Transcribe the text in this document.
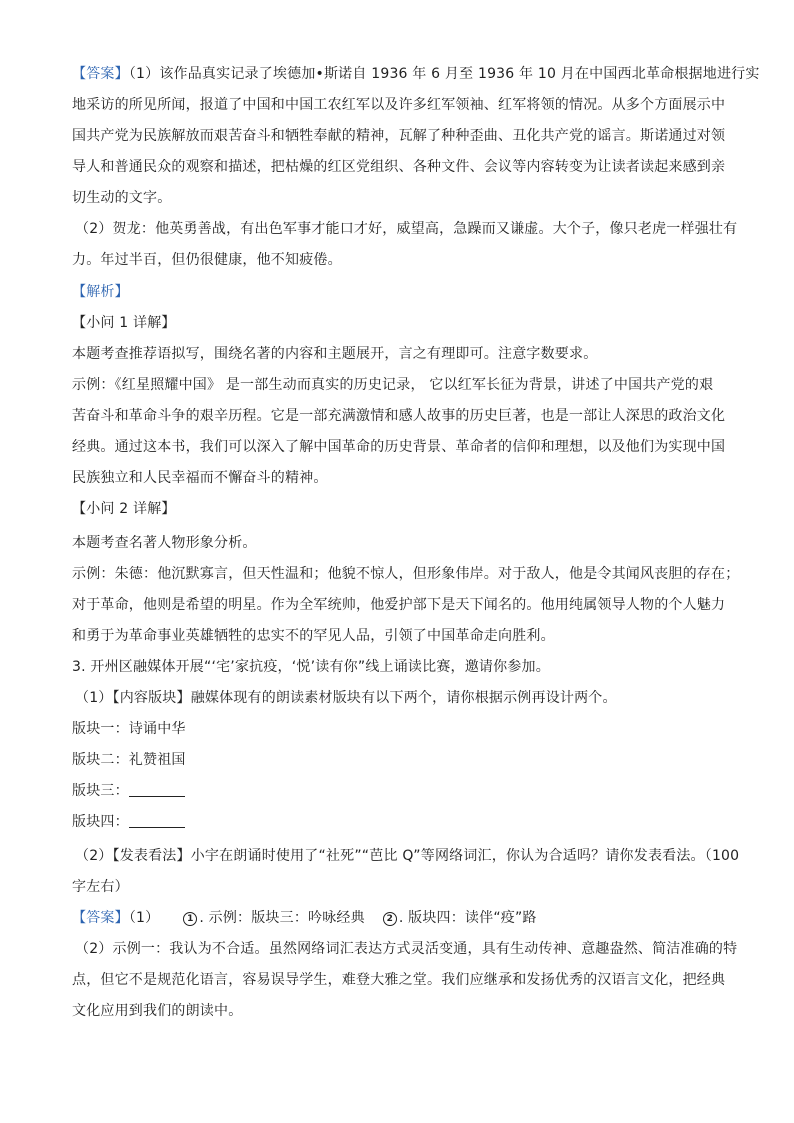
【答案】（1）该作品真实记录了埃德加•斯诺自 1936 年 6 月至 1936 年 10 月在中国西北革命根据地进行实
地采访的所见所闻，报道了中国和中国工农红军以及许多红军领袖、红军将领的情况。从多个方面展示中
国共产党为民族解放而艰苦奋斗和牺牲奉献的精神，瓦解了种种歪曲、丑化共产党的谣言。斯诺通过对领
导人和普通民众的观察和描述，把枯燥的红区党组织、各种文件、会议等内容转变为让读者读起来感到亲
切生动的文字。
（2）贺龙：他英勇善战，有出色军事才能口才好，威望高，急躁而又谦虚。大个子，像只老虎一样强壮有
力。年过半百，但仍很健康，他不知疲倦。
【解析】
【小问 1 详解】
本题考查推荐语拟写，围绕名著的内容和主题展开，言之有理即可。注意字数要求。
示例：《红星照耀中国》 是一部生动而真实的历史记录， 它以红军长征为背景，讲述了中国共产党的艰
苦奋斗和革命斗争的艰辛历程。它是一部充满激情和感人故事的历史巨著，也是一部让人深思的政治文化
经典。通过这本书，我们可以深入了解中国革命的历史背景、革命者的信仰和理想，以及他们为实现中国
民族独立和人民幸福而不懈奋斗的精神。
【小问 2 详解】
本题考查名著人物形象分析。
示例：朱德：他沉默寡言，但天性温和；他貌不惊人，但形象伟岸。对于敌人，他是令其闻风丧胆的存在；
对于革命，他则是希望的明星。作为全军统帅，他爱护部下是天下闻名的。他用纯属领导人物的个人魅力
和勇于为革命事业英雄牺牲的忠实不的罕见人品，引领了中国革命走向胜利。
3. 开州区融媒体开展“‘宅’家抗疫，‘悦’读有你”线上诵读比赛，邀请你参加。
（1）【内容版块】融媒体现有的朗读素材版块有以下两个，请你根据示例再设计两个。
版块一：诗诵中华
版块二：礼赞祖国
版块三：
版块四：
（2）【发表看法】小宇在朗诵时使用了“社死”“芭比 Q”等网络词汇，你认为合适吗？请你发表看法。（100
字左右）
【答案】（1）	1 . 示例：版块三：吟咏经典 2 . 版块四：读伴“疫”路
（2）示例一：我认为不合适。虽然网络词汇表达方式灵活变通，具有生动传神、意趣盎然、简洁准确的特
点，但它不是规范化语言，容易误导学生，难登大雅之堂。我们应继承和发扬优秀的汉语言文化，把经典
文化应用到我们的朗读中。
